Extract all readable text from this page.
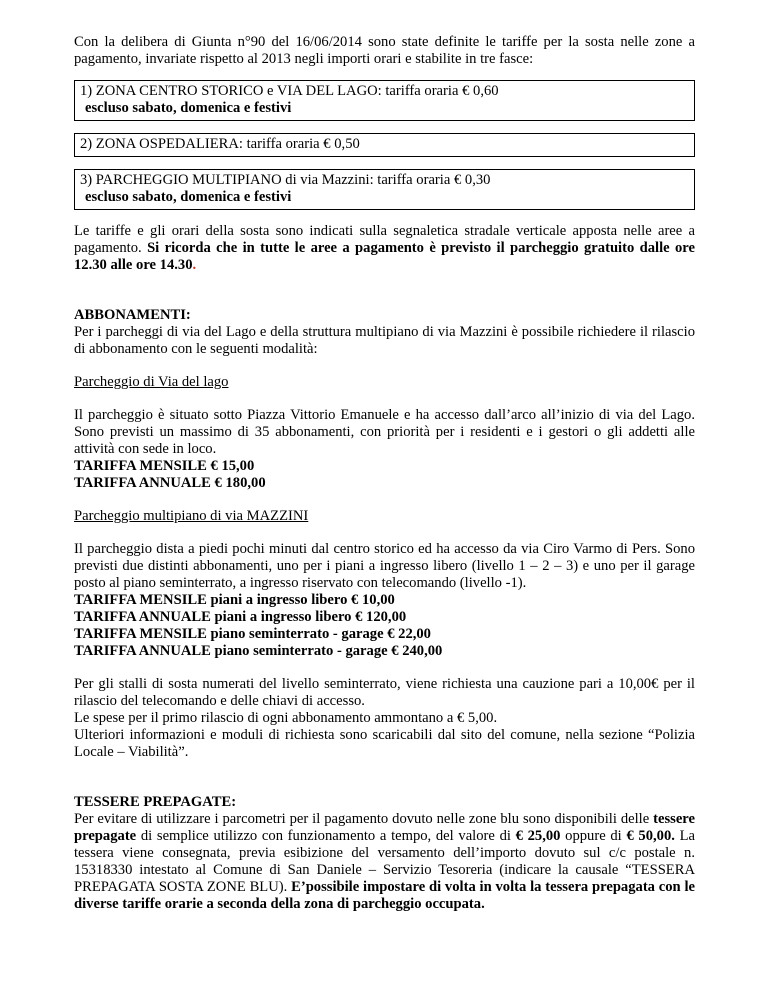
Con la delibera di Giunta n°90 del 16/06/2014 sono state definite le tariffe per la sosta nelle zone a pagamento, invariate rispetto al 2013 negli importi orari e stabilite in tre fasce:

1) ZONA CENTRO STORICO e VIA DEL LAGO: tariffa oraria € 0,60
escluso sabato, domenica e festivi
2) ZONA OSPEDALIERA: tariffa oraria € 0,50
3) PARCHEGGIO MULTIPIANO di via Mazzini: tariffa oraria € 0,30
escluso sabato, domenica e festivi

Le tariffe e gli orari della sosta sono indicati sulla segnaletica stradale verticale apposta nelle aree a pagamento. Si ricorda che in tutte le aree a pagamento è previsto il parcheggio gratuito dalle ore 12.30 alle ore 14.30.

ABBONAMENTI:

Per i parcheggi di via del Lago e della struttura multipiano di via Mazzini è possibile richiedere il rilascio di abbonamento con le seguenti modalità:

Parcheggio di Via del lago

Il parcheggio è situato sotto Piazza Vittorio Emanuele e ha accesso dall’arco all’inizio di via del Lago. Sono previsti un massimo di 35 abbonamenti, con priorità per i residenti e i gestori o gli addetti alle attività con sede in loco.

TARIFFA MENSILE € 15,00

TARIFFA ANNUALE € 180,00

Parcheggio multipiano di via MAZZINI

Il parcheggio dista a piedi pochi minuti dal centro storico ed ha accesso da via Ciro Varmo di Pers. Sono previsti due distinti abbonamenti, uno per i piani a ingresso libero (livello 1 – 2 – 3) e uno per il garage posto al piano seminterrato, a ingresso riservato con telecomando (livello -1).

TARIFFA MENSILE piani a ingresso libero € 10,00

TARIFFA ANNUALE piani a ingresso libero € 120,00

TARIFFA MENSILE piano seminterrato - garage € 22,00

TARIFFA ANNUALE piano seminterrato - garage € 240,00

Per gli stalli di sosta numerati del livello seminterrato, viene richiesta una cauzione pari a 10,00€ per il rilascio del telecomando e delle chiavi di accesso.

Le spese per il primo rilascio di ogni abbonamento ammontano a € 5,00.

Ulteriori informazioni e moduli di richiesta sono scaricabili dal sito del comune, nella sezione “Polizia Locale – Viabilità”.

TESSERE PREPAGATE:

Per evitare di utilizzare i parcometri per il pagamento dovuto nelle zone blu sono disponibili delle tessere prepagate di semplice utilizzo con funzionamento a tempo, del valore di € 25,00 oppure di € 50,00. La tessera viene consegnata, previa esibizione del versamento dell’importo dovuto sul c/c postale n. 15318330 intestato al Comune di San Daniele – Servizio Tesoreria (indicare la causale “TESSERA PREPAGATA SOSTA ZONE BLU). E’possibile impostare di volta in volta la tessera prepagata con le diverse tariffe orarie a seconda della zona di parcheggio occupata.
